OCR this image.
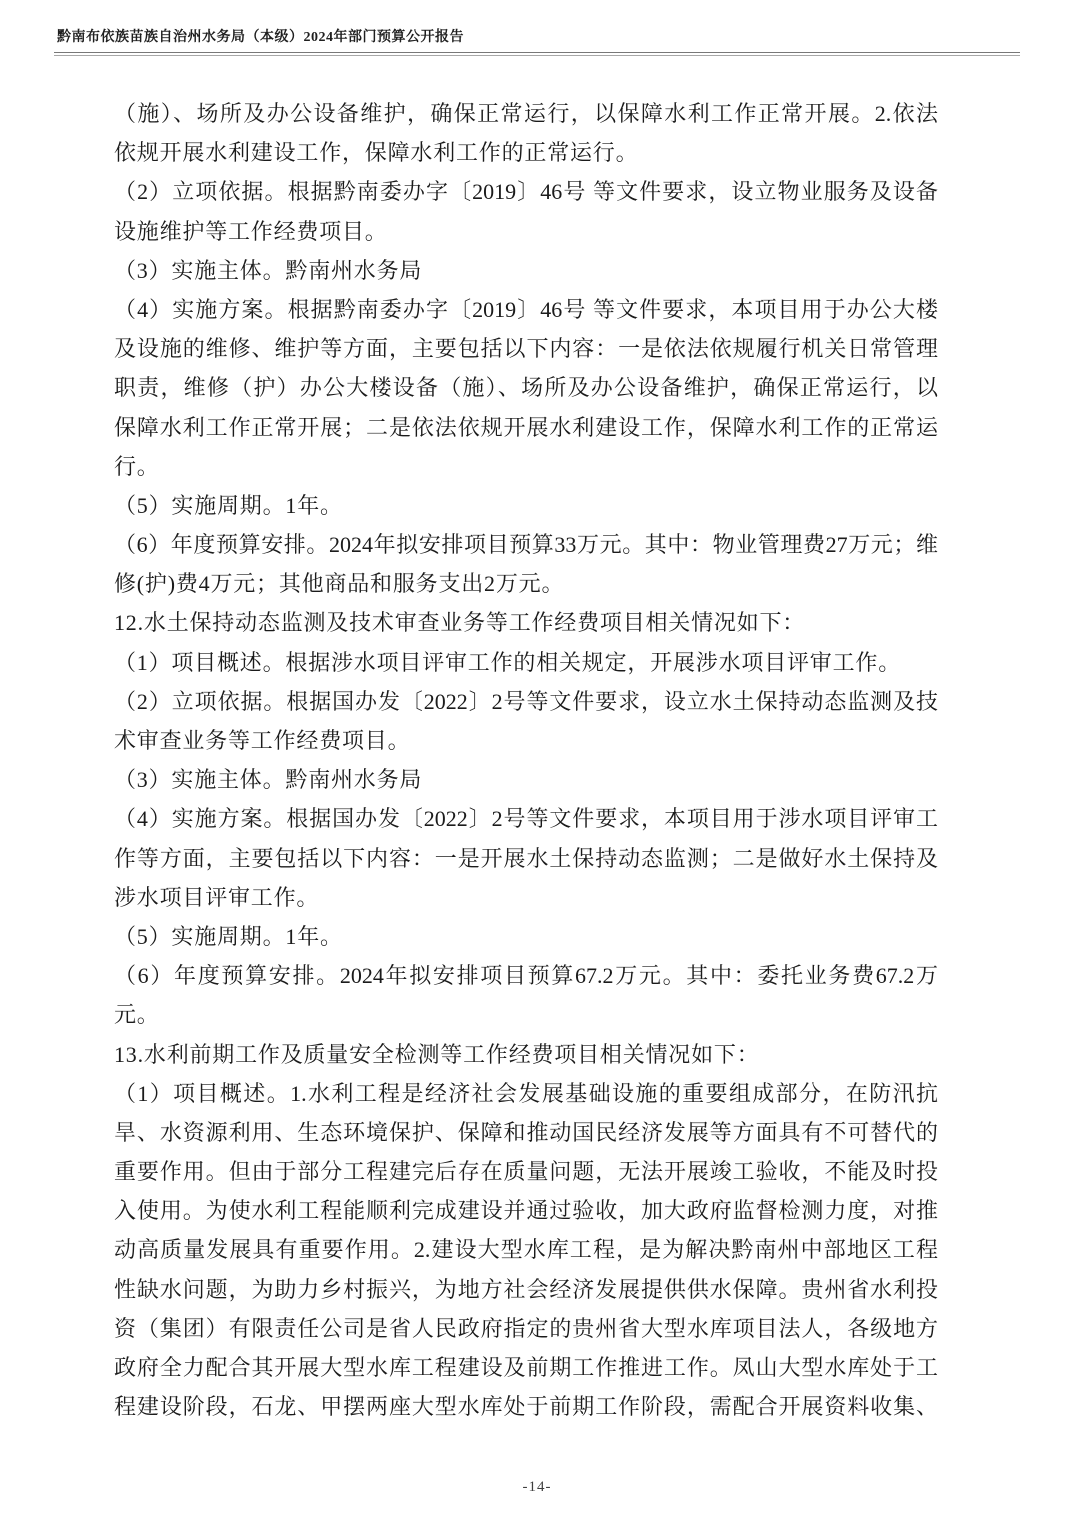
黔南布依族苗族自治州水务局（本级）2024年部门预算公开报告
（施）、场所及办公设备维护，确保正常运行，以保障水利工作正常开展。2.依法
依规开展水利建设工作，保障水利工作的正常运行。
（2）立项依据。根据黔南委办字〔2019〕46号 等文件要求，设立物业服务及设备
设施维护等工作经费项目。
（3）实施主体。黔南州水务局
（4）实施方案。根据黔南委办字〔2019〕46号 等文件要求，本项目用于办公大楼
及设施的维修、维护等方面，主要包括以下内容：一是依法依规履行机关日常管理
职责，维修（护）办公大楼设备（施）、场所及办公设备维护，确保正常运行，以
保障水利工作正常开展；二是依法依规开展水利建设工作，保障水利工作的正常运
行。
（5）实施周期。1年。
（6）年度预算安排。2024年拟安排项目预算33万元。其中：物业管理费27万元；维
修(护)费4万元；其他商品和服务支出2万元。
12.水土保持动态监测及技术审查业务等工作经费项目相关情况如下：
（1）项目概述。根据涉水项目评审工作的相关规定，开展涉水项目评审工作。
（2）立项依据。根据国办发〔2022〕2号等文件要求，设立水土保持动态监测及技
术审查业务等工作经费项目。
（3）实施主体。黔南州水务局
（4）实施方案。根据国办发〔2022〕2号等文件要求，本项目用于涉水项目评审工
作等方面，主要包括以下内容：一是开展水土保持动态监测；二是做好水土保持及
涉水项目评审工作。
（5）实施周期。1年。
（6）年度预算安排。2024年拟安排项目预算67.2万元。其中：委托业务费67.2万
元。
13.水利前期工作及质量安全检测等工作经费项目相关情况如下：
（1）项目概述。1.水利工程是经济社会发展基础设施的重要组成部分，在防汛抗
旱、水资源利用、生态环境保护、保障和推动国民经济发展等方面具有不可替代的
重要作用。但由于部分工程建完后存在质量问题，无法开展竣工验收，不能及时投
入使用。为使水利工程能顺利完成建设并通过验收，加大政府监督检测力度，对推
动高质量发展具有重要作用。2.建设大型水库工程，是为解决黔南州中部地区工程
性缺水问题，为助力乡村振兴，为地方社会经济发展提供供水保障。贵州省水利投
资（集团）有限责任公司是省人民政府指定的贵州省大型水库项目法人，各级地方
政府全力配合其开展大型水库工程建设及前期工作推进工作。凤山大型水库处于工
程建设阶段，石龙、甲摆两座大型水库处于前期工作阶段，需配合开展资料收集、
-14-
